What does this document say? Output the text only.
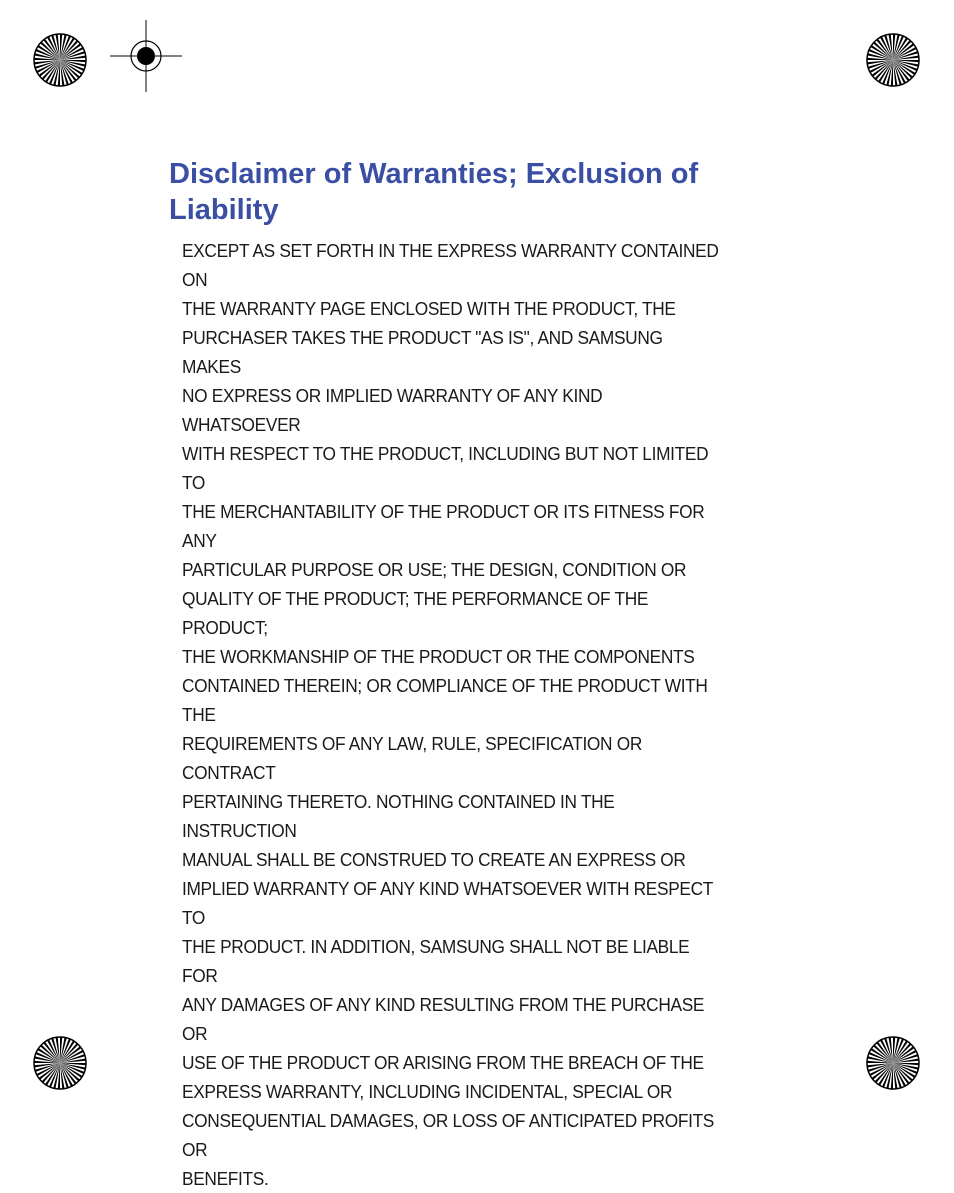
Disclaimer of Warranties; Exclusion of
Liability
EXCEPT AS SET FORTH IN THE EXPRESS WARRANTY CONTAINED ON
THE WARRANTY PAGE ENCLOSED WITH THE PRODUCT, THE
PURCHASER TAKES THE PRODUCT "AS IS", AND SAMSUNG MAKES
NO EXPRESS OR IMPLIED WARRANTY OF ANY KIND WHATSOEVER
WITH RESPECT TO THE PRODUCT, INCLUDING BUT NOT LIMITED TO
THE MERCHANTABILITY OF THE PRODUCT OR ITS FITNESS FOR ANY
PARTICULAR PURPOSE OR USE; THE DESIGN, CONDITION OR
QUALITY OF THE PRODUCT; THE PERFORMANCE OF THE PRODUCT;
THE WORKMANSHIP OF THE PRODUCT OR THE COMPONENTS
CONTAINED THEREIN; OR COMPLIANCE OF THE PRODUCT WITH THE
REQUIREMENTS OF ANY LAW, RULE, SPECIFICATION OR CONTRACT
PERTAINING THERETO. NOTHING CONTAINED IN THE INSTRUCTION
MANUAL SHALL BE CONSTRUED TO CREATE AN EXPRESS OR
IMPLIED WARRANTY OF ANY KIND WHATSOEVER WITH RESPECT TO
THE PRODUCT. IN ADDITION, SAMSUNG SHALL NOT BE LIABLE FOR
ANY DAMAGES OF ANY KIND RESULTING FROM THE PURCHASE OR
USE OF THE PRODUCT OR ARISING FROM THE BREACH OF THE
EXPRESS WARRANTY, INCLUDING INCIDENTAL, SPECIAL OR
CONSEQUENTIAL DAMAGES, OR LOSS OF ANTICIPATED PROFITS OR
BENEFITS.
